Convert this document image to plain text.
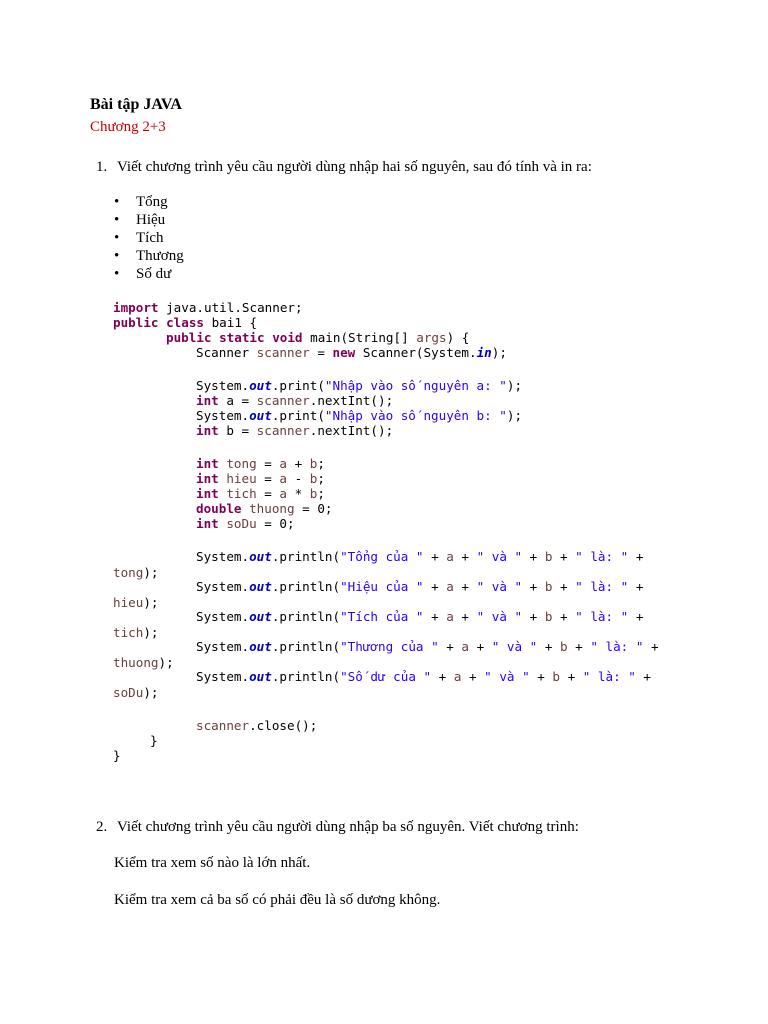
Bài tập JAVA
Chương 2+3
1. Viết chương trình yêu cầu người dùng nhập hai số nguyên, sau đó tính và in ra:
• Tổng
• Hiệu
• Tích
• Thương
• Số dư
import java.util.Scanner;
public class bai1 {
public static void main(String[] args) {
Scanner scanner = new Scanner(System.in);
System.out.print("Nhập vào số nguyên a: ");
int a = scanner.nextInt();
System.out.print("Nhập vào số nguyên b: ");
int b = scanner.nextInt();
int tong = a + b;
int hieu = a - b;
int tich = a * b;
double thuong = 0;
int soDu = 0;
System.out.println("Tổng của " + a + " và " + b + " là: " +
tong);
System.out.println("Hiệu của " + a + " và " + b + " là: " +
hieu);
System.out.println("Tích của " + a + " và " + b + " là: " +
tich);
System.out.println("Thương của " + a + " và " + b + " là: " +
thuong);
System.out.println("Số dư của " + a + " và " + b + " là: " +
soDu);
scanner.close();
}
}
2. Viết chương trình yêu cầu người dùng nhập ba số nguyên. Viết chương trình:
Kiểm tra xem số nào là lớn nhất.
Kiểm tra xem cả ba số có phải đều là số dương không.
